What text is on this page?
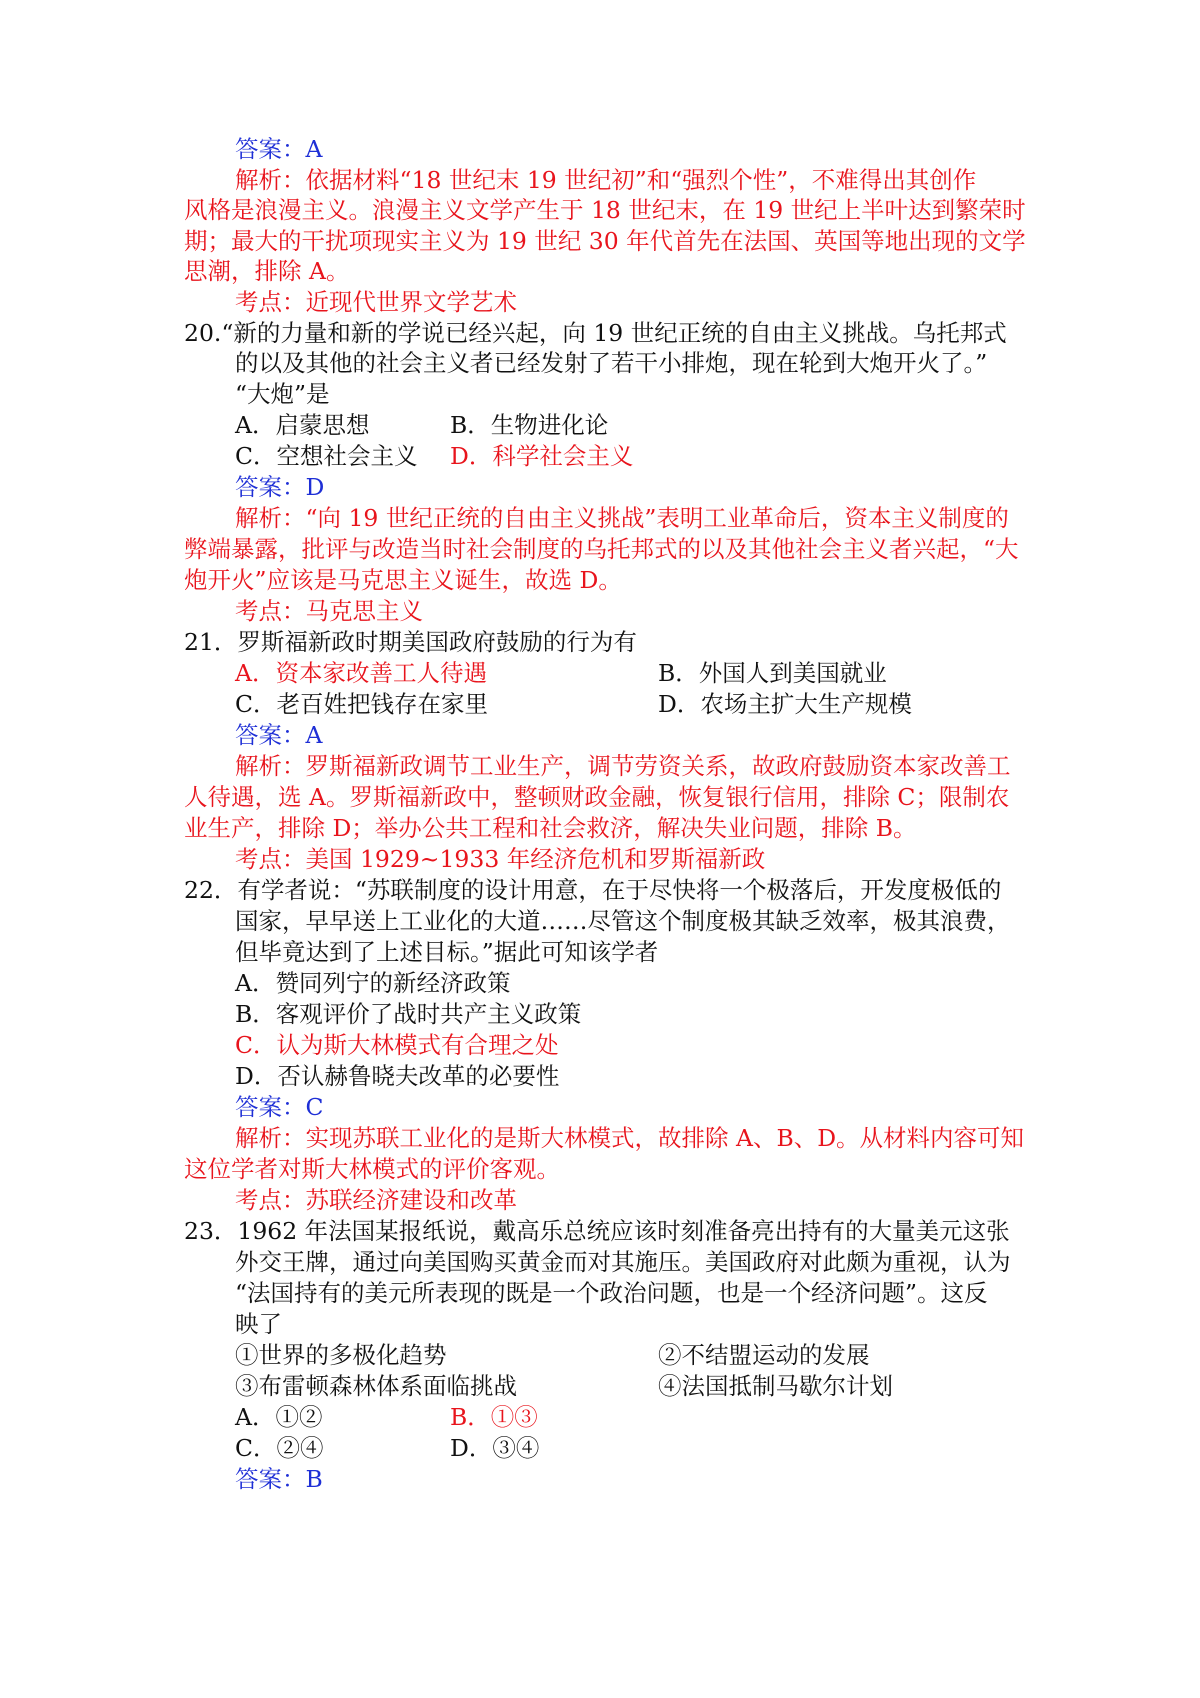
答案：A
解析：依据材料“18 世纪末 19 世纪初”和“强烈个性”，不难得出其创作
风格是浪漫主义。浪漫主义文学产生于 18 世纪末，在 19 世纪上半叶达到繁荣时
期；最大的干扰项现实主义为 19 世纪 30 年代首先在法国、英国等地出现的文学
思潮，排除 A。
考点：近现代世界文学艺术
20.“新的力量和新的学说已经兴起，向 19 世纪正统的自由主义挑战。乌托邦式
的以及其他的社会主义者已经发射了若干小排炮，现在轮到大炮开火了。”
“大炮”是
A．启蒙思想	B．生物进化论
C．空想社会主义 D．科学社会主义
答案：D
解析：“向 19 世纪正统的自由主义挑战”表明工业革命后，资本主义制度的
弊端暴露，批评与改造当时社会制度的乌托邦式的以及其他社会主义者兴起，“大
炮开火”应该是马克思主义诞生，故选 D。
考点：马克思主义
21．罗斯福新政时期美国政府鼓励的行为有
A．资本家改善工人待遇	B．外国人到美国就业
C．老百姓把钱存在家里	D．农场主扩大生产规模
答案：A
解析：罗斯福新政调节工业生产，调节劳资关系，故政府鼓励资本家改善工
人待遇，选 A。罗斯福新政中，整顿财政金融，恢复银行信用，排除 C；限制农
业生产，排除 D；举办公共工程和社会救济，解决失业问题，排除 B。
考点：美国 1929~1933 年经济危机和罗斯福新政
22．有学者说：“苏联制度的设计用意，在于尽快将一个极落后，开发度极低的
国家，早早送上工业化的大道……尽管这个制度极其缺乏效率，极其浪费，
但毕竟达到了上述目标。”据此可知该学者
A．赞同列宁的新经济政策
B．客观评价了战时共产主义政策
C．认为斯大林模式有合理之处
D．否认赫鲁晓夫改革的必要性
答案：C
解析：实现苏联工业化的是斯大林模式，故排除 A、B、D。从材料内容可知
这位学者对斯大林模式的评价客观。
考点：苏联经济建设和改革
23．1962 年法国某报纸说，戴高乐总统应该时刻准备亮出持有的大量美元这张
外交王牌，通过向美国购买黄金而对其施压。美国政府对此颇为重视，认为
“法国持有的美元所表现的既是一个政治问题，也是一个经济问题”。这反
映了
①世界的多极化趋势	②不结盟运动的发展
③布雷顿森林体系面临挑战	④法国抵制马歇尔计划
A．①②	B．①③
C．②④	D．③④
答案：B
